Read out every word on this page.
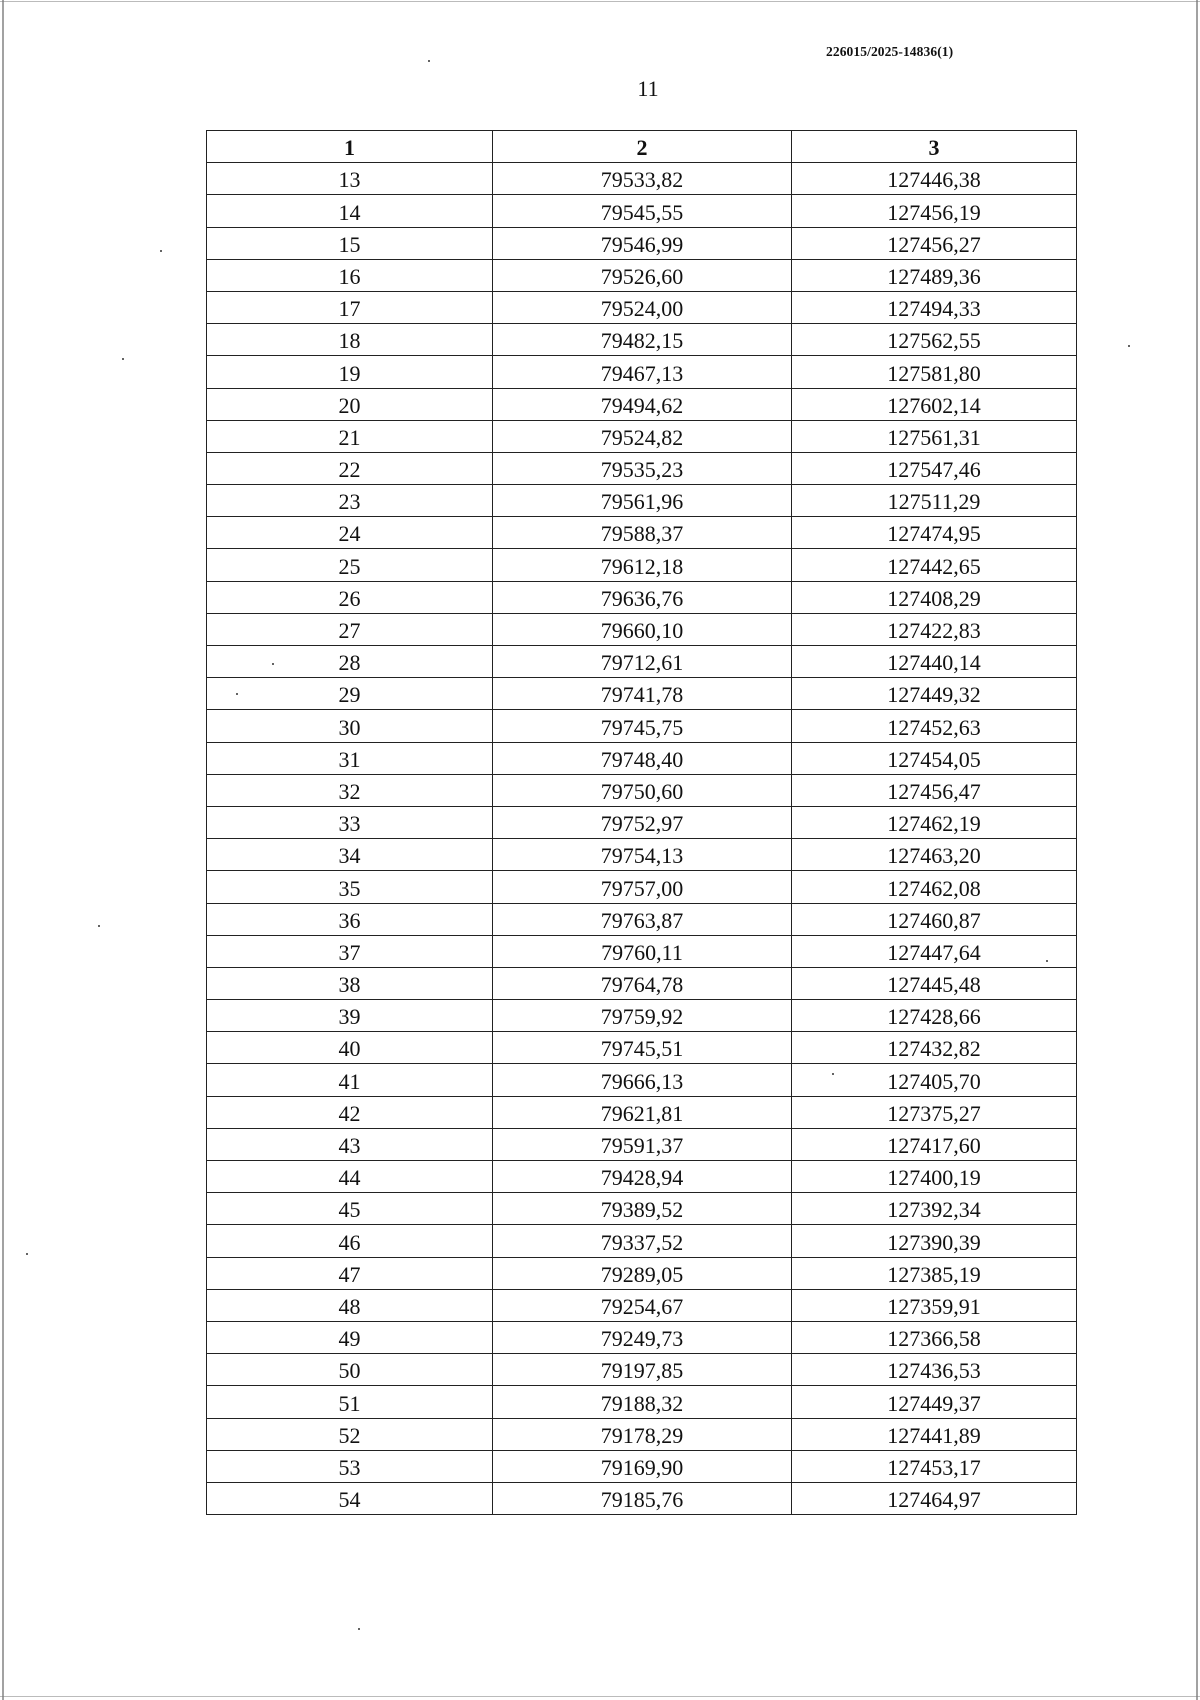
226015/2025-14836(1)
11
1	2	3
13	79533,82	127446,38
14	79545,55	127456,19
15	79546,99	127456,27
16	79526,60	127489,36
17	79524,00	127494,33
18	79482,15	127562,55
19	79467,13	127581,80
20	79494,62	127602,14
21	79524,82	127561,31
22	79535,23	127547,46
23	79561,96	127511,29
24	79588,37	127474,95
25	79612,18	127442,65
26	79636,76	127408,29
27	79660,10	127422,83
28	79712,61	127440,14
29	79741,78	127449,32
30	79745,75	127452,63
31	79748,40	127454,05
32	79750,60	127456,47
33	79752,97	127462,19
34	79754,13	127463,20
35	79757,00	127462,08
36	79763,87	127460,87
37	79760,11	127447,64
38	79764,78	127445,48
39	79759,92	127428,66
40	79745,51	127432,82
41	79666,13	127405,70
42	79621,81	127375,27
43	79591,37	127417,60
44	79428,94	127400,19
45	79389,52	127392,34
46	79337,52	127390,39
47	79289,05	127385,19
48	79254,67	127359,91
49	79249,73	127366,58
50	79197,85	127436,53
51	79188,32	127449,37
52	79178,29	127441,89
53	79169,90	127453,17
54	79185,76	127464,97
